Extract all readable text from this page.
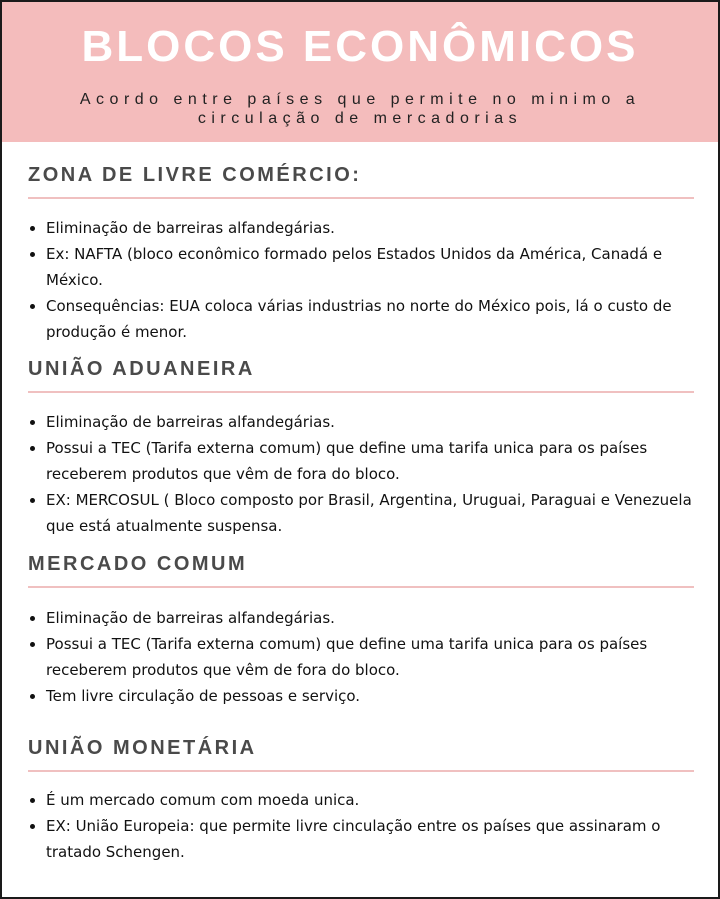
BLOCOS ECONÔMICOS
Acordo entre países que permite no minimo a
circulação de mercadorias
ZONA DE LIVRE COMÉRCIO:
Eliminação de barreiras alfandegárias.
Ex: NAFTA (bloco econômico formado pelos Estados Unidos da América, Canadá e México.
Consequências: EUA coloca várias industrias no norte do México pois, lá o custo de produção é menor.
UNIÃO ADUANEIRA
Eliminação de barreiras alfandegárias.
Possui a TEC (Tarifa externa comum) que define uma tarifa unica para os países receberem produtos que vêm de fora do bloco.
EX: MERCOSUL ( Bloco composto por Brasil, Argentina, Uruguai, Paraguai e Venezuela que está atualmente suspensa.
MERCADO COMUM
Eliminação de barreiras alfandegárias.
Possui a TEC (Tarifa externa comum) que define uma tarifa unica para os países receberem produtos que vêm de fora do bloco.
Tem livre circulação de pessoas e serviço.
UNIÃO MONETÁRIA
É um mercado comum com moeda unica.
EX: União Europeia: que permite livre cinculação entre os países que assinaram o tratado Schengen.
